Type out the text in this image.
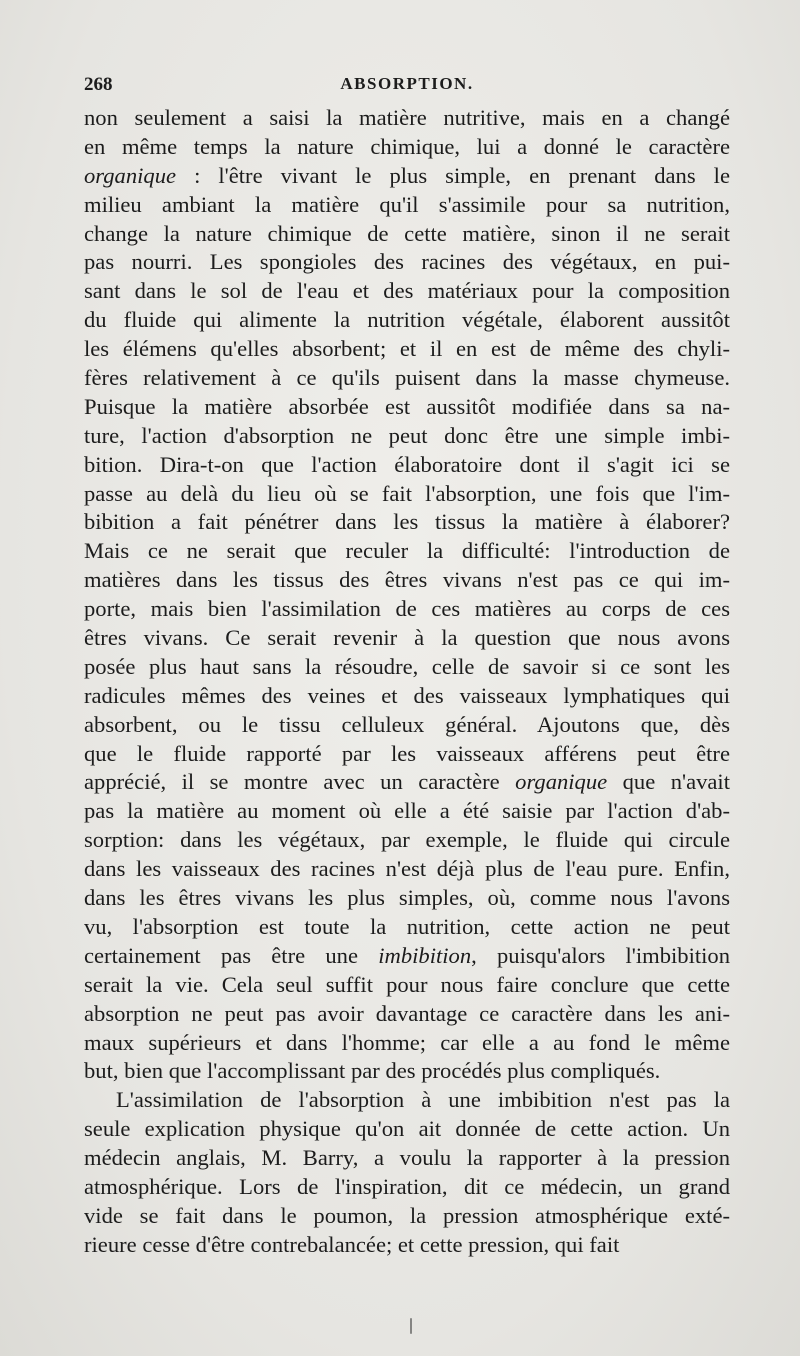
268	ABSORPTION.
non seulement a saisi la matière nutritive, mais en a changé
en même temps la nature chimique, lui a donné le caractère
organique : l'être vivant le plus simple, en prenant dans le
milieu ambiant la matière qu'il s'assimile pour sa nutrition,
change la nature chimique de cette matière, sinon il ne serait
pas nourri. Les spongioles des racines des végétaux, en pui-
sant dans le sol de l'eau et des matériaux pour la composition
du fluide qui alimente la nutrition végétale, élaborent aussitôt
les élémens qu'elles absorbent; et il en est de même des chyli-
fères relativement à ce qu'ils puisent dans la masse chymeuse.
Puisque la matière absorbée est aussitôt modifiée dans sa na-
ture, l'action d'absorption ne peut donc être une simple imbi-
bition. Dira-t-on que l'action élaboratoire dont il s'agit ici se
passe au delà du lieu où se fait l'absorption, une fois que l'im-
bibition a fait pénétrer dans les tissus la matière à élaborer?
Mais ce ne serait que reculer la difficulté: l'introduction de
matières dans les tissus des êtres vivans n'est pas ce qui im-
porte, mais bien l'assimilation de ces matières au corps de ces
êtres vivans. Ce serait revenir à la question que nous avons
posée plus haut sans la résoudre, celle de savoir si ce sont les
radicules mêmes des veines et des vaisseaux lymphatiques qui
absorbent, ou le tissu celluleux général. Ajoutons que, dès
que le fluide rapporté par les vaisseaux afférens peut être
apprécié, il se montre avec un caractère organique que n'avait
pas la matière au moment où elle a été saisie par l'action d'ab-
sorption: dans les végétaux, par exemple, le fluide qui circule
dans les vaisseaux des racines n'est déjà plus de l'eau pure. Enfin,
dans les êtres vivans les plus simples, où, comme nous l'avons
vu, l'absorption est toute la nutrition, cette action ne peut
certainement pas être une imbibition, puisqu'alors l'imbibition
serait la vie. Cela seul suffit pour nous faire conclure que cette
absorption ne peut pas avoir davantage ce caractère dans les ani-
maux supérieurs et dans l'homme; car elle a au fond le même
but, bien que l'accomplissant par des procédés plus compliqués.
L'assimilation de l'absorption à une imbibition n'est pas la
seule explication physique qu'on ait donnée de cette action. Un
médecin anglais, M. Barry, a voulu la rapporter à la pression
atmosphérique. Lors de l'inspiration, dit ce médecin, un grand
vide se fait dans le poumon, la pression atmosphérique exté-
rieure cesse d'être contrebalancée; et cette pression, qui fait
